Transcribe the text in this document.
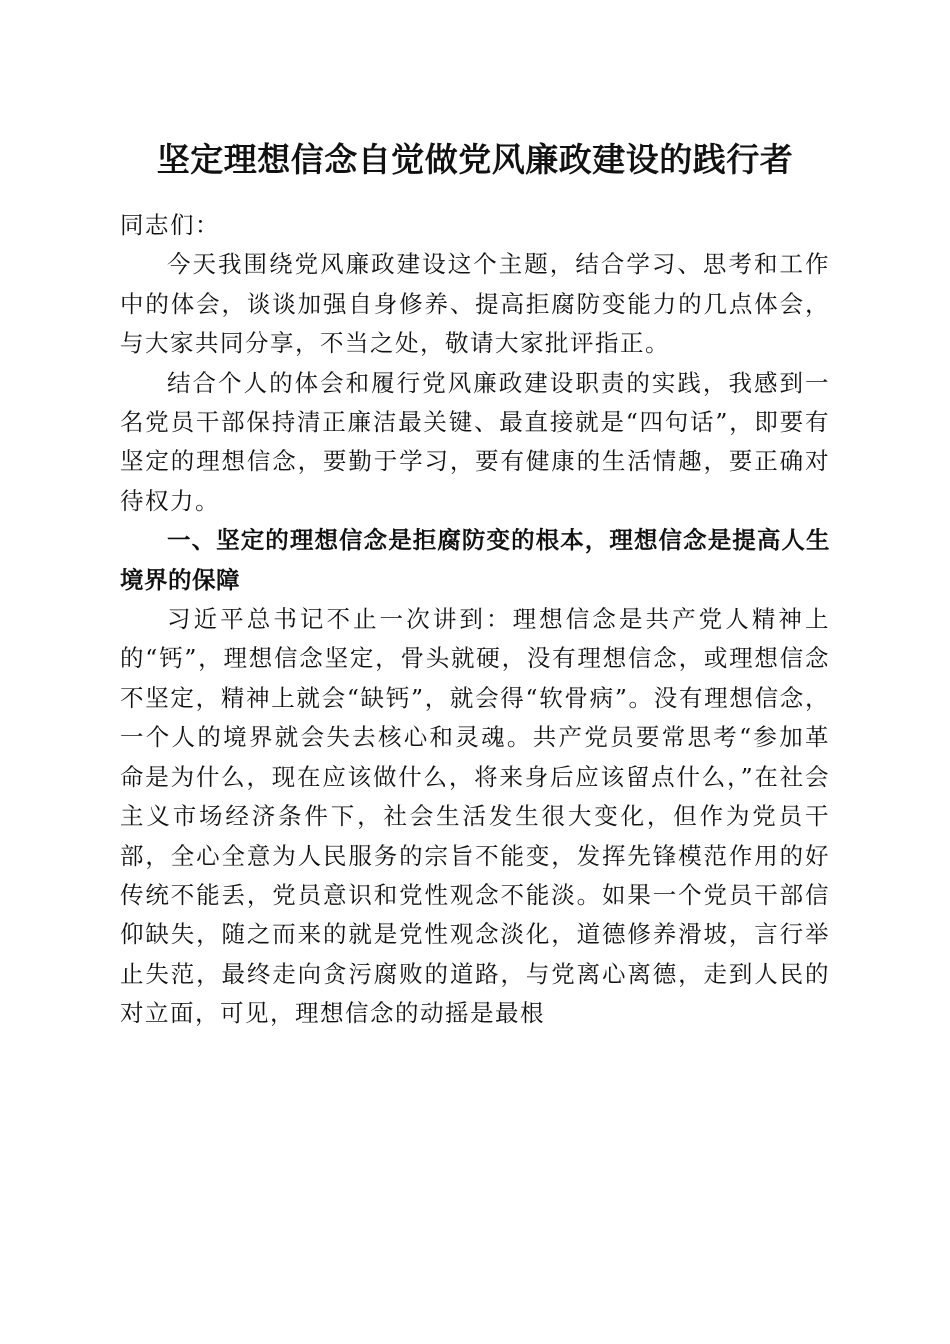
坚定理想信念自觉做党风廉政建设的践行者

同志们：

今天我围绕党风廉政建设这个主题，结合学习、思考和工作中的体会，谈谈加强自身修养、提高拒腐防变能力的几点体会，与大家共同分享，不当之处，敬请大家批评指正。

结合个人的体会和履行党风廉政建设职责的实践，我感到一名党员干部保持清正廉洁最关键、最直接就是“四句话”，即要有坚定的理想信念，要勤于学习，要有健康的生活情趣，要正确对待权力。

一、坚定的理想信念是拒腐防变的根本，理想信念是提高人生境界的保障

习近平总书记不止一次讲到：理想信念是共产党人精神上的“钙”，理想信念坚定，骨头就硬，没有理想信念，或理想信念不坚定，精神上就会“缺钙”，就会得“软骨病”。没有理想信念，一个人的境界就会失去核心和灵魂。共产党员要常思考“参加革命是为什么，现在应该做什么，将来身后应该留点什么，”在社会主义市场经济条件下，社会生活发生很大变化，但作为党员干部，全心全意为人民服务的宗旨不能变，发挥先锋模范作用的好传统不能丢，党员意识和党性观念不能淡。如果一个党员干部信仰缺失，随之而来的就是党性观念淡化，道德修养滑坡，言行举止失范，最终走向贪污腐败的道路，与党离心离德，走到人民的对立面，可见，理想信念的动摇是最根
